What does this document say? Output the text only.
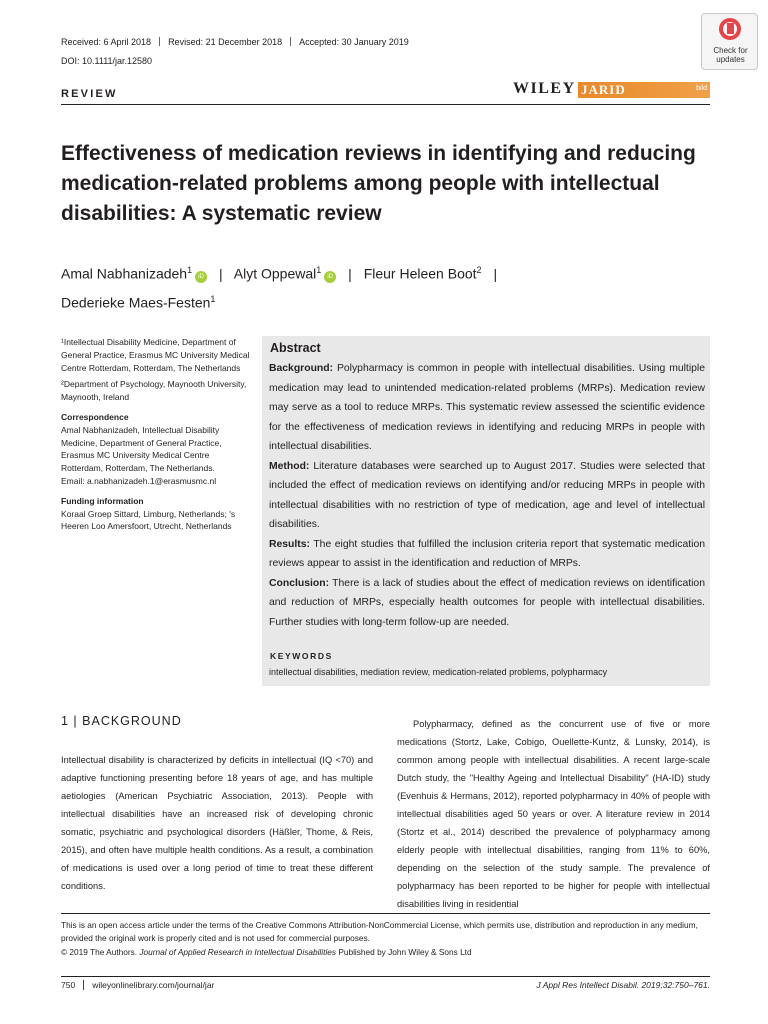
Received: 6 April 2018 Revised: 21 December 2018 Accepted: 30 January 2019
DOI: 10.1111/jar.12580
REVIEW	WILEY JARID	bild
Check for
updates
Effectiveness of medication reviews in identifying and reducing medication-related problems among people with intellectual disabilities: A systematic review
Amal Nabhanizadeh$^1$iD | Alyt Oppewal$^1$iD | Fleur Heleen Boot$^2$ |
Dederieke Maes-Festen$^1$

¹Intellectual Disability Medicine, Department of General Practice, Erasmus MC University Medical Centre Rotterdam, Rotterdam, The Netherlands

²Department of Psychology, Maynooth University, Maynooth, Ireland

Correspondence

Amal Nabhanizadeh, Intellectual Disability Medicine, Department of General Practice, Erasmus MC University Medical Centre Rotterdam, Rotterdam, The Netherlands.

Email: a.nabhanizadeh.1@erasmusmc.nl

Funding information

Koraal Groep Sittard, Limburg, Netherlands; 's Heeren Loo Amersfoort, Utrecht, Netherlands

Abstract

Background: Polypharmacy is common in people with intellectual disabilities. Using multiple medication may lead to unintended medication-related problems (MRPs). Medication review may serve as a tool to reduce MRPs. This systematic review assessed the scientific evidence for the effectiveness of medication reviews in identifying and reducing MRPs in people with intellectual disabilities.

Method: Literature databases were searched up to August 2017. Studies were selected that included the effect of medication reviews on identifying and/or reducing MRPs in people with intellectual disabilities with no restriction of type of medication, age and level of intellectual disabilities.

Results: The eight studies that fulfilled the inclusion criteria report that systematic medication reviews appear to assist in the identification and reduction of MRPs.

Conclusion: There is a lack of studies about the effect of medication reviews on identification and reduction of MRPs, especially health outcomes for people with intellectual disabilities. Further studies with long-term follow-up are needed.

KEYWORDS
intellectual disabilities, mediation review, medication-related problems, polypharmacy
1 | BACKGROUND

Intellectual disability is characterized by deficits in intellectual (IQ <70) and adaptive functioning presenting before 18 years of age, and has multiple aetiologies (American Psychiatric Association, 2013). People with intellectual disabilities have an increased risk of developing chronic somatic, psychiatric and psychological disorders (Häßler, Thome, & Reis, 2015), and often have multiple health conditions. As a result, a combination of medications is used over a long period of time to treat these different conditions.

Polypharmacy, defined as the concurrent use of five or more medications (Stortz, Lake, Cobigo, Ouellette-Kuntz, & Lunsky, 2014), is common among people with intellectual disabilities. A recent large-scale Dutch study, the "Healthy Ageing and Intellectual Disability" (HA-ID) study (Evenhuis & Hermans, 2012), reported polypharmacy in 40% of people with intellectual disabilities aged 50 years or over. A literature review in 2014 (Stortz et al., 2014) described the prevalence of polypharmacy among elderly people with intellectual disabilities, ranging from 11% to 60%, depending on the selection of the study sample. The prevalence of polypharmacy has been reported to be higher for people with intellectual disabilities living in residential

This is an open access article under the terms of the Creative Commons Attribution-NonCommercial License, which permits use, distribution and reproduction in any medium, provided the original work is properly cited and is not used for commercial purposes.

© 2019 The Authors. Journal of Applied Research in Intellectual Disabilities Published by John Wiley & Sons Ltd
750 wileyonlinelibrary.com/journal/jar	J Appl Res Intellect Disabil. 2019;32:750–761.
